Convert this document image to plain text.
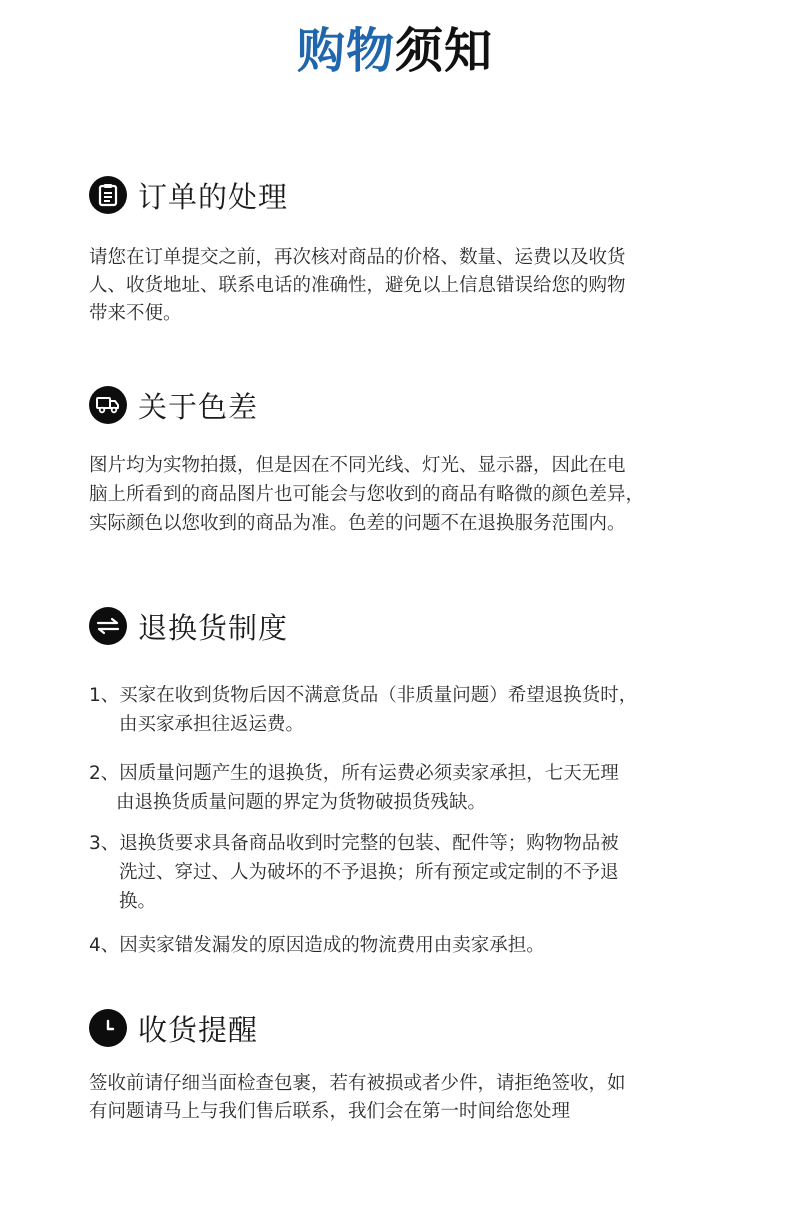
购物须知
订单的处理
请您在订单提交之前，再次核对商品的价格、数量、运费以及收货
人、收货地址、联系电话的准确性，避免以上信息错误给您的购物
带来不便。
关于色差
图片均为实物拍摄，但是因在不同光线、灯光、显示器，因此在电
脑上所看到的商品图片也可能会与您收到的商品有略微的颜色差异，
实际颜色以您收到的商品为准。色差的问题不在退换服务范围内。
退换货制度
1、买家在收到货物后因不满意货品（非质量问题）希望退换货时，
由买家承担往返运费。
2、因质量问题产生的退换货，所有运费必须卖家承担，七天无理
由退换货质量问题的界定为货物破损货残缺。
3、退换货要求具备商品收到时完整的包装、配件等；购物物品被
洗过、穿过、人为破坏的不予退换；所有预定或定制的不予退
换。
4、因卖家错发漏发的原因造成的物流费用由卖家承担。
收货提醒
签收前请仔细当面检查包裹，若有被损或者少件，请拒绝签收，如
有问题请马上与我们售后联系，我们会在第一时间给您处理
